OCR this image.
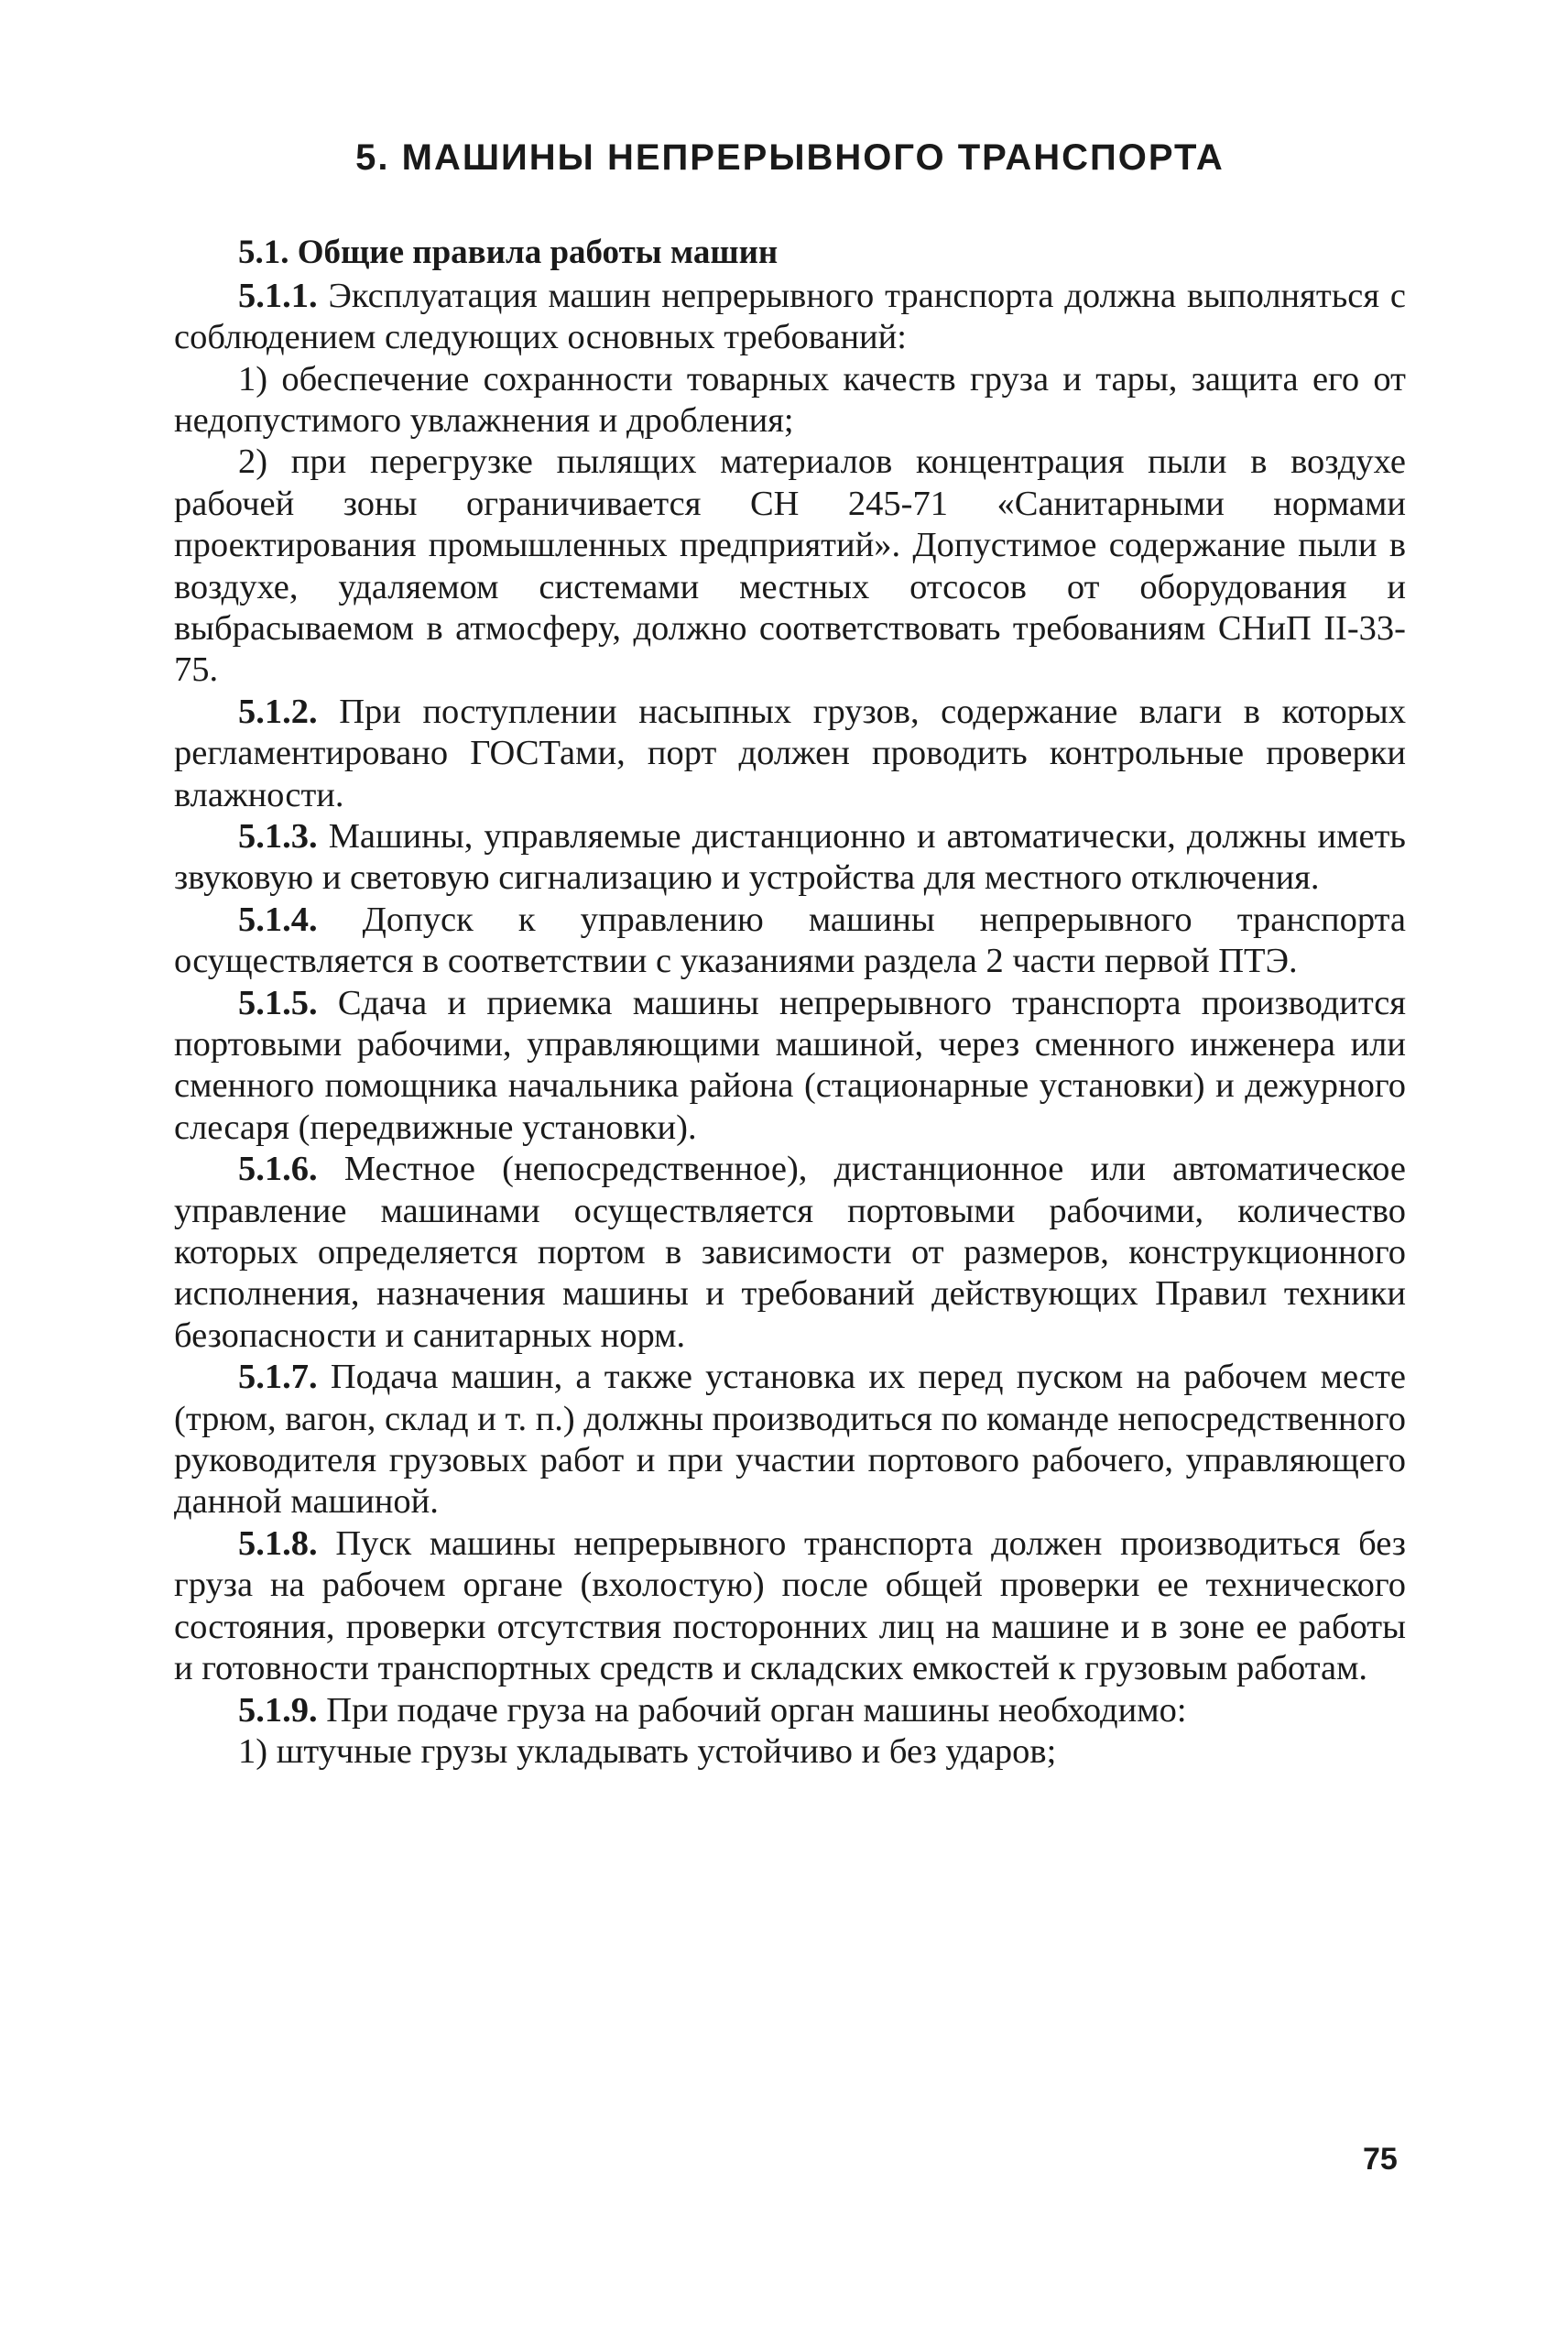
5. МАШИНЫ НЕПРЕРЫВНОГО ТРАНСПОРТА
5.1. Общие правила работы машин

5.1.1. Эксплуатация машин непрерывного транспорта должна выполняться с соблюдением следующих основных требований:

1) обеспечение сохранности товарных качеств груза и тары, защита его от недопустимого увлажнения и дробления;

2) при перегрузке пылящих материалов концентрация пыли в воздухе рабочей зоны ограничивается СН 245-71 «Санитарными нормами проектирования промышленных предприятий». Допустимое содержание пыли в воздухе, удаляемом системами местных отсосов от оборудования и выбрасываемом в атмосферу, должно соответствовать требованиям СНиП II-33-75.

5.1.2. При поступлении насыпных грузов, содержание влаги в которых регламентировано ГОСТами, порт должен проводить контрольные проверки влажности.

5.1.3. Машины, управляемые дистанционно и автоматически, должны иметь звуковую и световую сигнализацию и устройства для местного отключения.

5.1.4. Допуск к управлению машины непрерывного транспорта осуществляется в соответствии с указаниями раздела 2 части первой ПТЭ.

5.1.5. Сдача и приемка машины непрерывного транспорта производится портовыми рабочими, управляющими машиной, через сменного инженера или сменного помощника начальника района (стационарные установки) и дежурного слесаря (передвижные установки).

5.1.6. Местное (непосредственное), дистанционное или автоматическое управление машинами осуществляется портовыми рабочими, количество которых определяется портом в зависимости от размеров, конструкционного исполнения, назначения машины и требований действующих Правил техники безопасности и санитарных норм.

5.1.7. Подача машин, а также установка их перед пуском на рабочем месте (трюм, вагон, склад и т. п.) должны производиться по команде непосредственного руководителя грузовых работ и при участии портового рабочего, управляющего данной машиной.

5.1.8. Пуск машины непрерывного транспорта должен производиться без груза на рабочем органе (вхолостую) после общей проверки ее технического состояния, проверки отсутствия посторонних лиц на машине и в зоне ее работы и готовности транспортных средств и складских емкостей к грузовым работам.

5.1.9. При подаче груза на рабочий орган машины необходимо:

1) штучные грузы укладывать устойчиво и без ударов;

75
